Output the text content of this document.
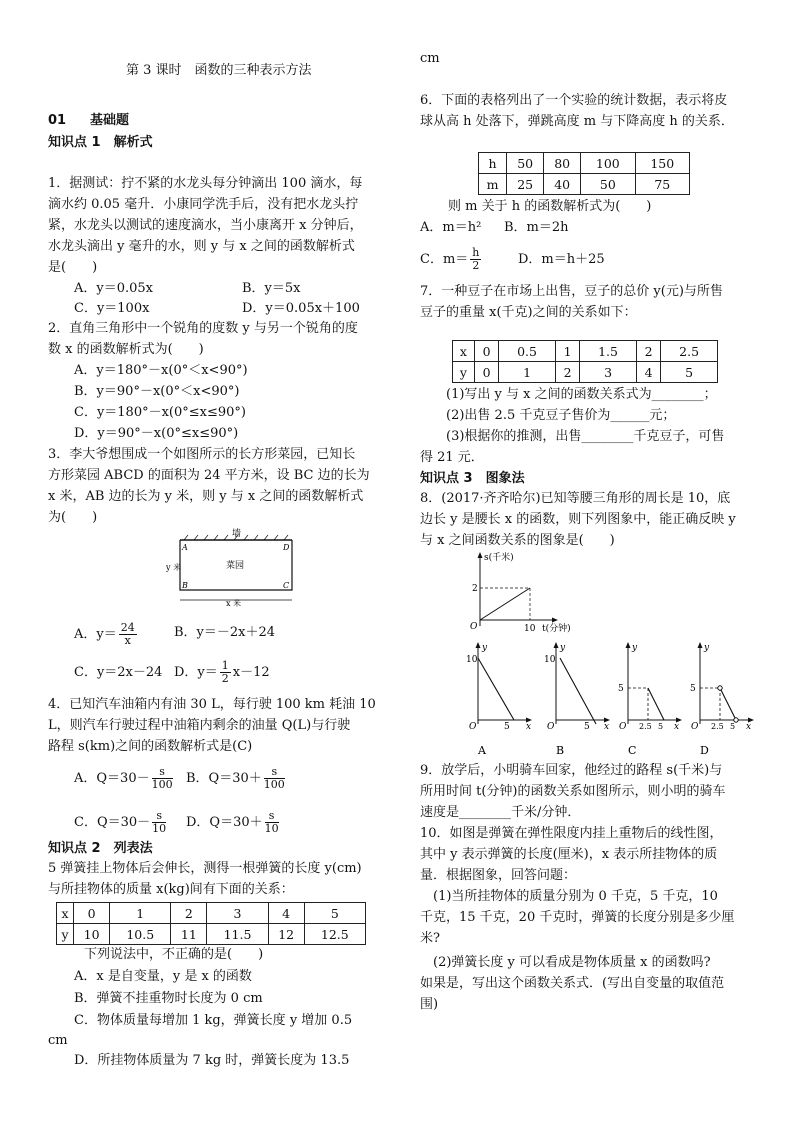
第 3 课时　函数的三种表示方法
01 基础题
知识点 1　解析式
1．据测试：拧不紧的水龙头每分钟滴出 100 滴水，每
滴水约 0.05 毫升．小康同学洗手后，没有把水龙头拧
紧，水龙头以测试的速度滴水，当小康离开 x 分钟后，
水龙头滴出 y 毫升的水，则 y 与 x 之间的函数解析式
是(　　)
A．y＝0.05x	B．y＝5x
C．y＝100x	D．y＝0.05x＋100
2．直角三角形中一个锐角的度数 y 与另一个锐角的度
数 x 的函数解析式为(　　)
A．y＝180°－x(0°＜x<90°)
B．y＝90°－x(0°＜x<90°)
C．y＝180°－x(0°≤x≤90°)
D．y＝90°－x(0°≤x≤90°)
3．李大爷想围成一个如图所示的长方形菜园，已知长
方形菜园 ABCD 的面积为 24 平方米，设 BC 边的长为
x 米，AB 边的长为 y 米，则 y 与 x 之间的函数解析式
为(　　)
墙
菜园
A
B	C
D
y 米
x 米
A．$y= \frac{24}{x}$	B．y＝－2x＋24
C．y＝2x－24 D．$y= \frac{1}{2} x-12$
4．已知汽车油箱内有油 30 L，每行驶 100 km 耗油 10
L，则汽车行驶过程中油箱内剩余的油量 Q(L)与行驶
路程 s(km)之间的函数解析式是(C)
A．$Q=30- \frac{s}{100}$ B．$Q=30+ \frac{s}{100}$
C．$Q=30- \frac{s}{10}$ D．$Q=30+ \frac{s}{10}$
知识点 2　列表法
5 弹簧挂上物体后会伸长，测得一根弹簧的长度 y(cm)
与所挂物体的质量 x(kg)间有下面的关系：
x	0	1	2	3	4	5
y	10	10.5	11	11.5	12	12.5
下列说法中，不正确的是(　　)
A．x 是自变量，y 是 x 的函数
B．弹簧不挂重物时长度为 0 cm
C．物体质量每增加 1 kg，弹簧长度 y 增加 0.5
cm
D．所挂物体质量为 7 kg 时，弹簧长度为 13.5
cm
6．下面的表格列出了一个实验的统计数据，表示将皮
球从高 h 处落下，弹跳高度 m 与下降高度 h 的关系．
h	50	80	100	150
m	25	40	50	75
则 m 关于 h 的函数解析式为(　　)
A．m＝h² B．m＝2h
C．$m= \frac{h}{2}$	D．m＝h＋25
7．一种豆子在市场上出售，豆子的总价 y(元)与所售
豆子的重量 x(千克)之间的关系如下：
x	0	0.5	1	1.5	2	2.5
y	0	1	2	3	4	5
(1)写出 y 与 x 之间的函数关系式为________；
(2)出售 2.5 千克豆子售价为______元；
(3)根据你的推测，出售________千克豆子，可售
得 21 元．
知识点 3　图象法
8．(2017·齐齐哈尔)已知等腰三角形的周长是 10，底
边长 y 是腰长 x 的函数，则下列图象中，能正确反映 y
与 x 之间函数关系的图象是(　　)
s(千米)
2
O	10 t(分钟)
y
10
O	5 x
A
y
10
O	5 x
B
y
5
O 2.5 5 x
C
y
5
O 2.5 5 x
D
9．放学后，小明骑车回家，他经过的路程 s(千米)与
所用时间 t(分钟)的函数关系如图所示，则小明的骑车
速度是________千米/分钟．
10．如图是弹簧在弹性限度内挂上重物后的线性图，
其中 y 表示弹簧的长度(厘米)，x 表示所挂物体的质
量．根据图象，回答问题：
　(1)当所挂物体的质量分别为 0 千克，5 千克，10
千克，15 千克，20 千克时，弹簧的长度分别是多少厘
米?
　(2)弹簧长度 y 可以看成是物体质量 x 的函数吗?
如果是，写出这个函数关系式．(写出自变量的取值范
围)
